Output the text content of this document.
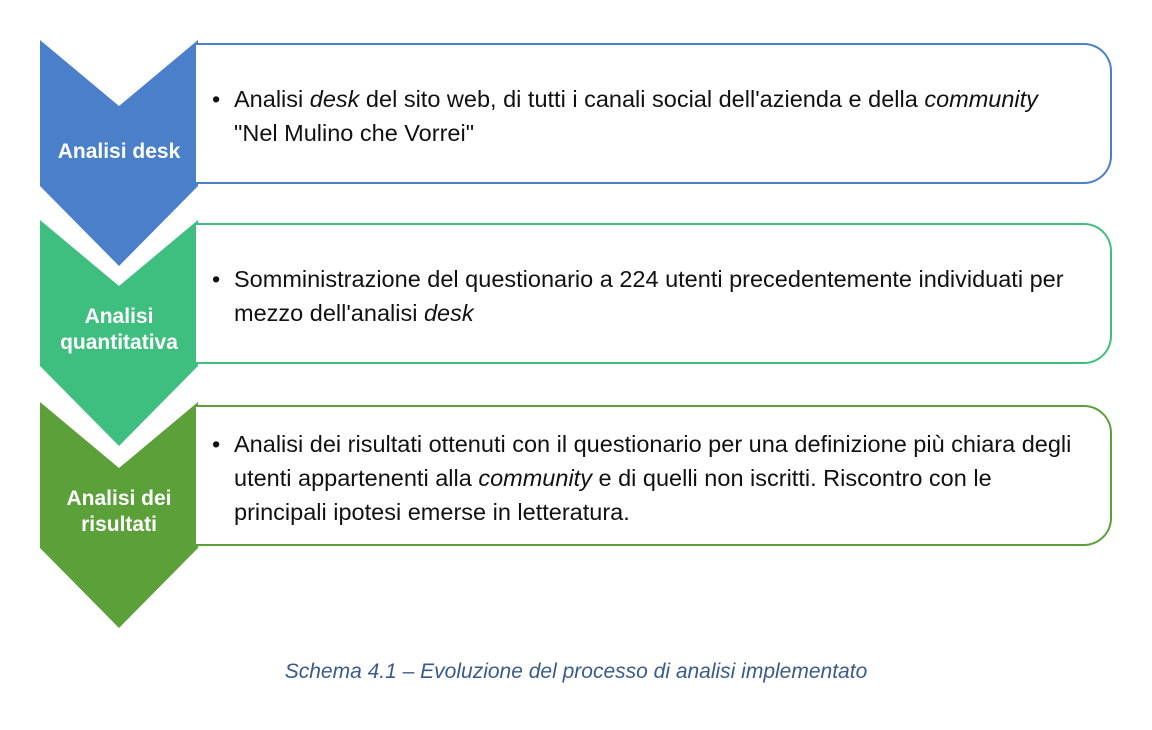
Analisi desk
• Analisi desk del sito web, di tutti i canali social dell'azienda e della community "Nel Mulino che Vorrei"
Analisi
quantitativa
• Somministrazione del questionario a 224 utenti precedentemente individuati per mezzo dell'analisi desk
Analisi dei
risultati
• Analisi dei risultati ottenuti con il questionario per una definizione più chiara degli utenti appartenenti alla community e di quelli non iscritti. Riscontro con le principali ipotesi emerse in letteratura.
Schema 4.1 – Evoluzione del processo di analisi implementato
